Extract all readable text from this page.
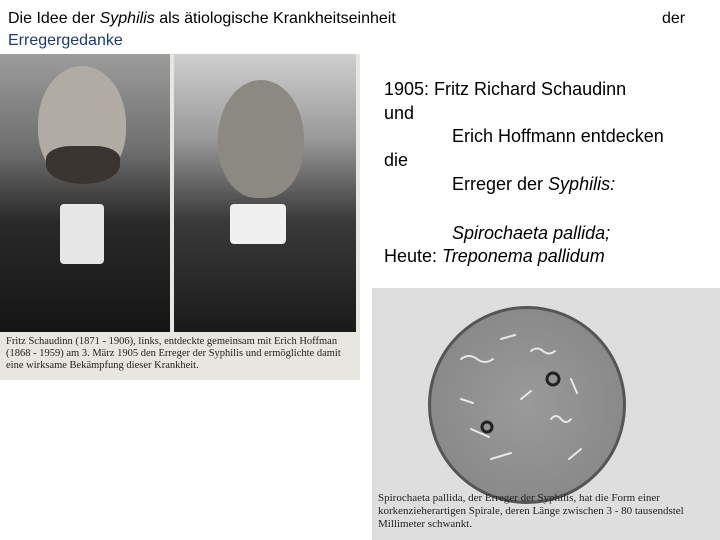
Die Idee der Syphilis als ätiologische Krankheitseinheit	der
Erregergedanke
Fritz Schaudinn (1871 - 1906), links, entdeckte gemeinsam mit Erich Hoffman (1868 - 1959) am 3. März 1905 den Erreger der Syphilis und ermöglichte damit eine wirksame Bekämpfung dieser Krankheit.
1905: Fritz Richard Schaudinn
und
Erich Hoffmann entdecken
die
Erreger der Syphilis:
Spirochaeta pallida;
Heute: Treponema pallidum
Spirochaeta pallida, der Erreger der Syphilis, hat die Form einer korkenzieherartigen Spirale, deren Länge zwischen 3 - 80 tausendstel Millimeter schwankt.
